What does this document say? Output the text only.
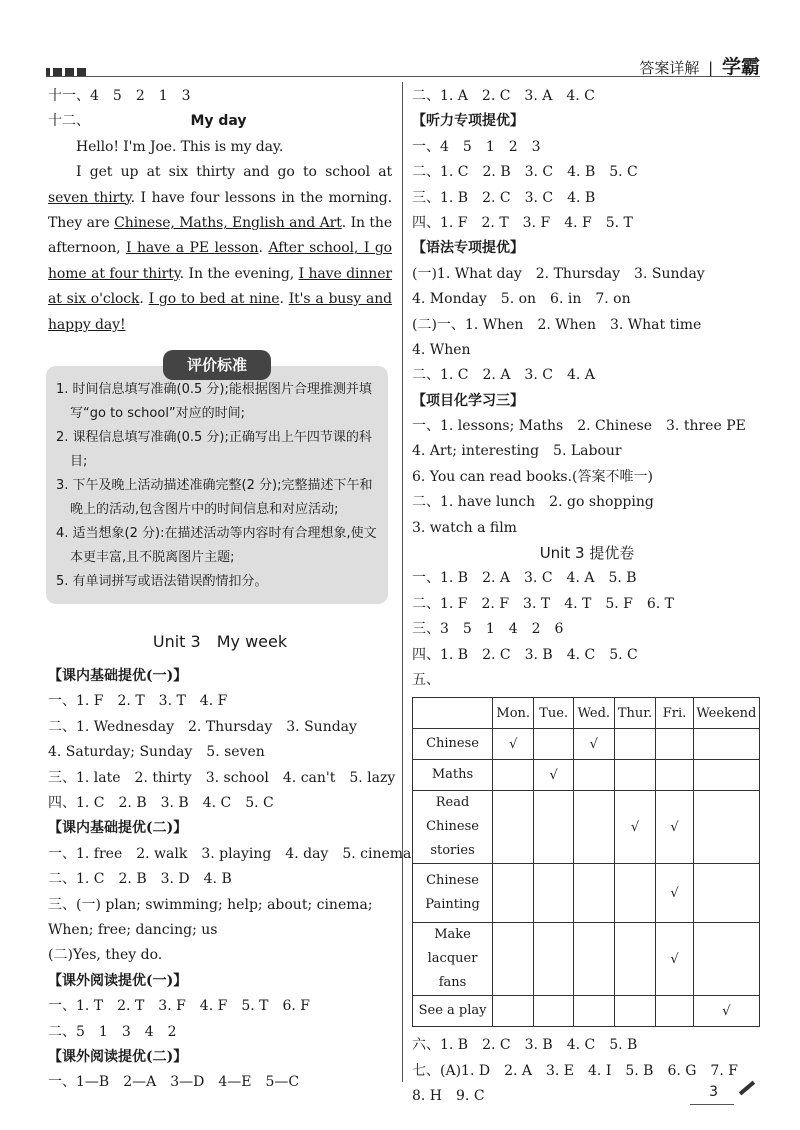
答案详解 | 学霸
十一、4　5　2　1　3
十二、	My day

Hello! I'm Joe. This is my day.

I get up at six thirty and go to school at seven thirty. I have four lessons in the morning. They are Chinese, Maths, English and Art. In the afternoon, I have a PE lesson. After school, I go home at four thirty. In the evening, I have dinner at six o'clock. I go to bed at nine. It's a busy and happy day!

评价标准
1. 时间信息填写准确(0.5 分);能根据图片合理推测并填写“go to school”对应的时间;
2. 课程信息填写准确(0.5 分);正确写出上午四节课的科目;
3. 下午及晚上活动描述准确完整(2 分);完整描述下午和晚上的活动,包含图片中的时间信息和对应活动;
4. 适当想象(2 分):在描述活动等内容时有合理想象,使文本更丰富,且不脱离图片主题;
5. 有单词拼写或语法错误酌情扣分。
Unit 3　My week
【课内基础提优(一)】
一、1. F　2. T　3. T　4. F
二、1. Wednesday　2. Thursday　3. Sunday
4. Saturday; Sunday　5. seven
三、1. late　2. thirty　3. school　4. can't　5. lazy
四、1. C　2. B　3. B　4. C　5. C
【课内基础提优(二)】
一、1. free　2. walk　3. playing　4. day　5. cinema
二、1. C　2. B　3. D　4. B
三、(一) plan; swimming; help; about; cinema;
When; free; dancing; us
(二)Yes, they do.
【课外阅读提优(一)】
一、1. T　2. T　3. F　4. F　5. T　6. F
二、5　1　3　4　2
【课外阅读提优(二)】
一、1—B　2—A　3—D　4—E　5—C
二、1. A　2. C　3. A　4. C
【听力专项提优】
一、4　5　1　2　3
二、1. C　2. B　3. C　4. B　5. C
三、1. B　2. C　3. C　4. B
四、1. F　2. T　3. F　4. F　5. T
【语法专项提优】
(一)1. What day　2. Thursday　3. Sunday
4. Monday　5. on　6. in　7. on
(二)一、1. When　2. When　3. What time
4. When
二、1. C　2. A　3. C　4. A
【项目化学习三】
一、1. lessons; Maths　2. Chinese　3. three PE
4. Art; interesting　5. Labour
6. You can read books.(答案不唯一)
二、1. have lunch　2. go shopping
3. watch a film
Unit 3 提优卷
一、1. B　2. A　3. C　4. A　5. B
二、1. F　2. F　3. T　4. T　5. F　6. T
三、3　5　1　4　2　6
四、1. B　2. C　3. B　4. C　5. C
五、
	Mon.	Tue.	Wed.	Thur.	Fri.	Weekend
Chinese	√		√			
Maths		√				
Read Chinese stories				√	√	
Chinese Painting					√	
Make lacquer fans					√	
See a play						√
六、1. B　2. C　3. B　4. C　5. B
七、(A)1. D　2. A　3. E　4. I　5. B　6. G　7. F
8. H　9. C	3
